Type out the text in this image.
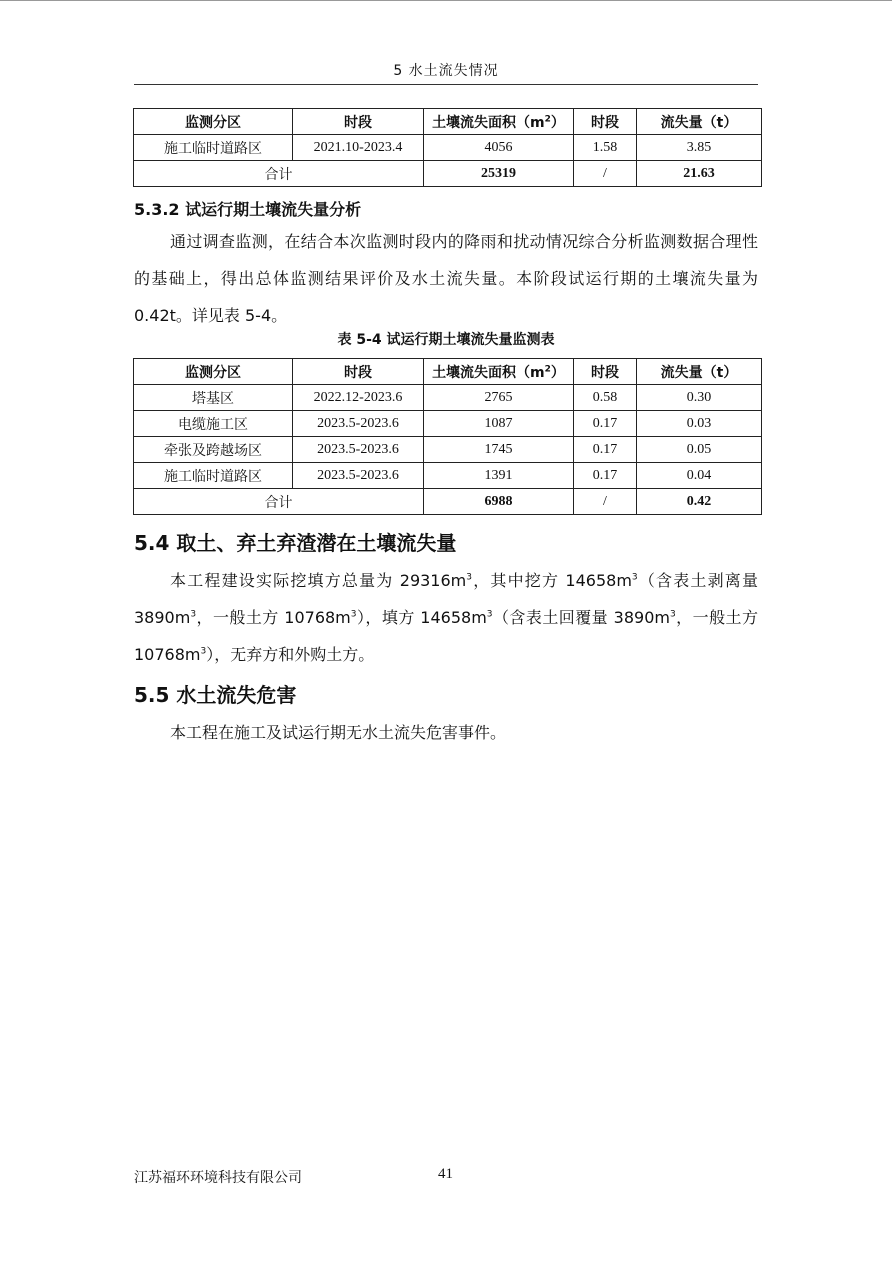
5 水土流失情况
监测分区	时段	土壤流失面积$(m^2)$	时段	流失量（t）
施工临时道路区	2021.10-2023.4	4056	1.58	3.85
合计		25319	/	21.63
5.3.2 试运行期土壤流失量分析
通过调查监测，在结合本次监测时段内的降雨和扰动情况综合分析监测数据合理性的基础上，得出总体监测结果评价及水土流失量。本阶段试运行期的土壤流失量为 0.42t。详见表 5-4。
表 5-4 试运行期土壤流失量监测表
监测分区	时段	土壤流失面积$(m^2)$	时段	流失量（t）
塔基区	2022.12-2023.6	2765	0.58	0.30
电缆施工区	2023.5-2023.6	1087	0.17	0.03
牵张及跨越场区	2023.5-2023.6	1745	0.17	0.05
施工临时道路区	2023.5-2023.6	1391	0.17	0.04
合计		6988	/	0.42
5.4 取土、弃土弃渣潜在土壤流失量
本工程建设实际挖填方总量为 $29316m^3$，其中挖方 $14658m^3$（含表土剥离量 $3890m^3$，一般土方 $10768m^3$），填方 $14658m^3$（含表土回覆量 $3890m^3$，一般土方 $10768m^3$），无弃方和外购土方。
5.5 水土流失危害
本工程在施工及试运行期无水土流失危害事件。
江苏福环环境科技有限公司	41
